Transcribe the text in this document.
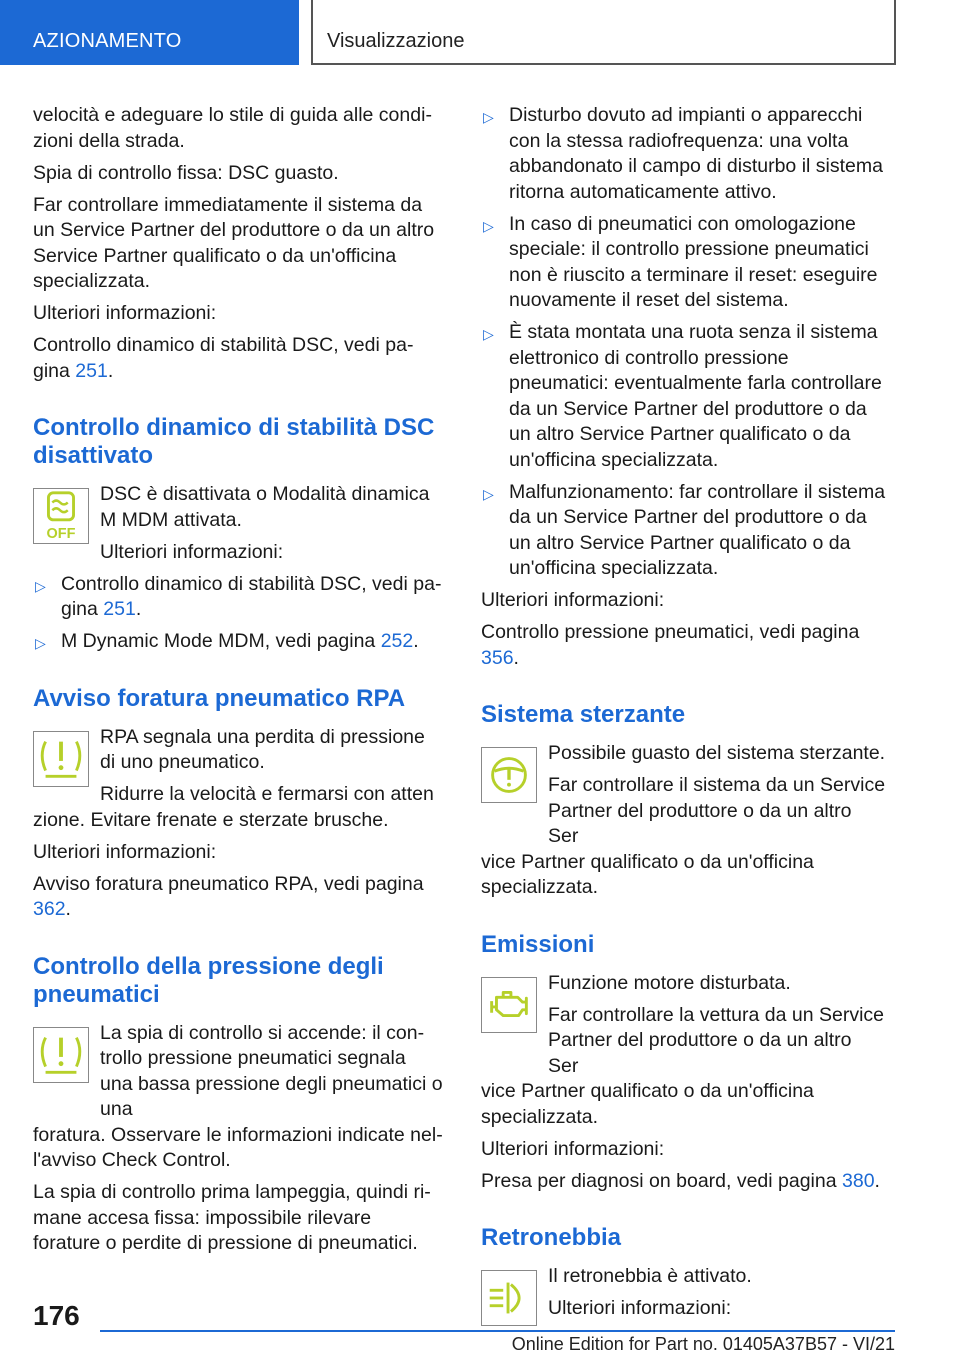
AZIONAMENTO	Visualizzazione

velocità e adeguare lo stile di guida alle condizioni della strada.

Spia di controllo fissa: DSC guasto.

Far controllare immediatamente il sistema da un Service Partner del produttore o da un altro Service Partner qualificato o da un'officina specializzata.

Ulteriori informazioni:

Controllo dinamico di stabilità DSC, vedi pagina 251.

Controllo dinamico di stabilità DSC disattivato
OFF

DSC è disattivata o Modalità dinamica M MDM attivata.

Ulteriori informazioni:

▷ Controllo dinamico di stabilità DSC, vedi pagina 251.
▷ M Dynamic Mode MDM, vedi pagina 252.
Avviso foratura pneumatico RPA

RPA segnala una perdita di pressione di uno pneumatico.

Ridurre la velocità e fermarsi con atten

zione. Evitare frenate e sterzate brusche.

Ulteriori informazioni:

Avviso foratura pneumatico RPA, vedi pagina 362.

Controllo della pressione degli pneumatici

La spia di controllo si accende: il controllo pressione pneumatici segnala una bassa pressione degli pneumatici o una

foratura. Osservare le informazioni indicate nell'avviso Check Control.

La spia di controllo prima lampeggia, quindi rimane accesa fissa: impossibile rilevare forature o perdite di pressione di pneumatici.

▷ Disturbo dovuto ad impianti o apparecchi con la stessa radiofrequenza: una volta abbandonato il campo di disturbo il sistema ritorna automaticamente attivo.
▷ In caso di pneumatici con omologazione speciale: il controllo pressione pneumatici non è riuscito a terminare il reset: eseguire nuovamente il reset del sistema.
▷ È stata montata una ruota senza il sistema elettronico di controllo pressione pneumatici: eventualmente farla controllare da un Service Partner del produttore o da un altro Service Partner qualificato o da un'officina specializzata.
▷ Malfunzionamento: far controllare il sistema da un Service Partner del produttore o da un altro Service Partner qualificato o da un'officina specializzata.

Ulteriori informazioni:

Controllo pressione pneumatici, vedi pagina 356.

Sistema sterzante

Possibile guasto del sistema sterzante.

Far controllare il sistema da un Service Partner del produttore o da un altro Ser

vice Partner qualificato o da un'officina specializzata.

Emissioni

Funzione motore disturbata.

Far controllare la vettura da un Service Partner del produttore o da un altro Ser

vice Partner qualificato o da un'officina specializzata.

Ulteriori informazioni:

Presa per diagnosi on board, vedi pagina 380.

Retronebbia

Il retronebbia è attivato.

Ulteriori informazioni:

176
Online Edition for Part no. 01405A37B57 - VI/21
